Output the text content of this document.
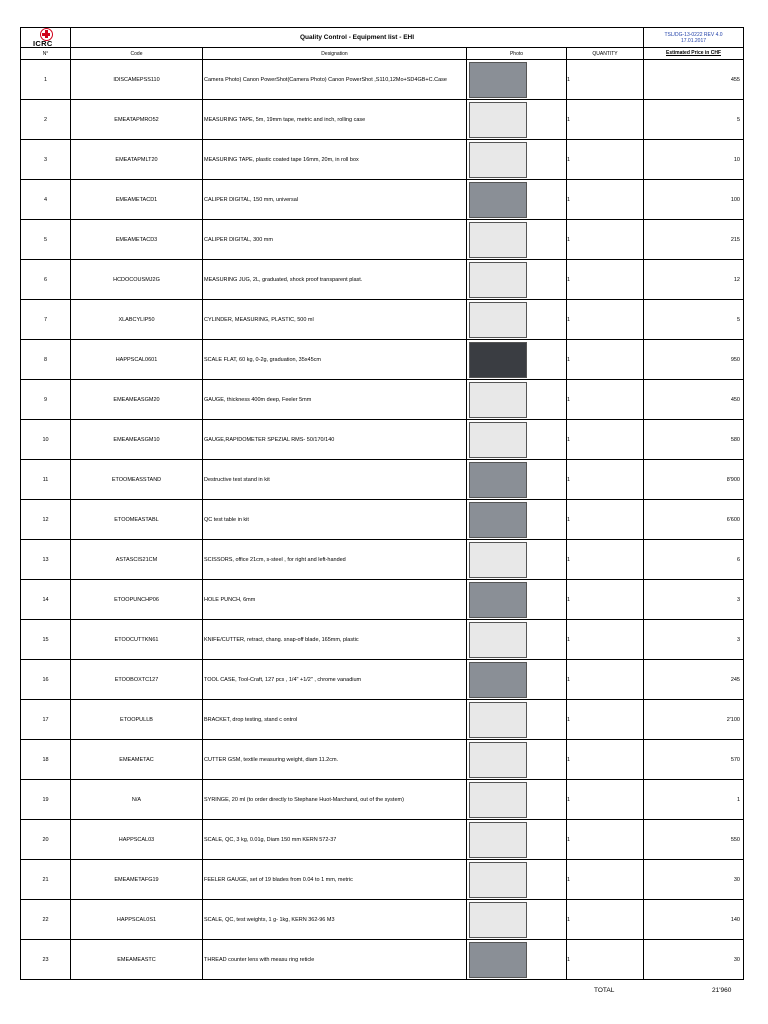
ICRC	Quality Control - Equipment list - EHI				TSL/DG-13-0222 REV 4.0
17.01.2017

N°	Code	Designation	Photo	QUANTITY	Estimated Price in CHF
1	IDISCAMEPSS110	Camera Photo) Canon PowerShot(Camera Photo) Canon PowerShot ,S110,12Mo+SD4GB+C.Case		1	455
2	EMEATAPMRO52	MEASURING TAPE, 5m, 19mm tape, metric and inch, rolling case		1	5
3	EMEATAPMLT20	MEASURING TAPE, plastic coated tape 16mm, 20m, in roll box		1	10
4	EMEAMETACD1	CALIPER DIGITAL, 150 mm, universal		1	100
5	EMEAMETACD3	CALIPER DIGITAL, 300 mm		1	215
6	HCDOCOUSMJ2G	MEASURING JUG, 2L, graduated, shock proof transparent plast.		1	12
7	XLABCYLIP50	CYLINDER, MEASURING, PLASTIC, 500 ml		1	5
8	HAPPSCAL0601	SCALE FLAT, 60 kg, 0-2g, graduation, 35x45cm		1	950
9	EMEAMEASGM20	GAUGE, thickness 400m deep, Feeler 5mm		1	450
10	EMEAMEASGM10	GAUGE,RAPIDOMETER SPEZIAL RMS- 50/170/140		1	580
11	ETOOMEASSTAND	Destructive test stand in kit		1	8'900
12	ETOOMEASTABL	QC test table in kit		1	6'600
13	ASTASCIS21CM	SCISSORS, office 21cm, s-steel , for right and left-handed		1	6
14	ETOOPUNCHP06	HOLE PUNCH, 6mm		1	3
15	ETOOCUTTKN61	KNIFE/CUTTER, retract, chang. snap-off blade, 165mm, plastic		1	3
16	ETOOBOXTC127	TOOL CASE, Tool-Craft, 127 pcs , 1/4" +1/2" , chrome vanadium		1	245
17	ETOOPULLB	BRACKET, drop testing, stand c ontrol		1	2'100
18	EMEAMETAC	CUTTER GSM, textile measuring weight, diam 11.2cm.		1	570
19	N/A	SYRINGE, 20 ml (to order directly to Stephane Huot-Marchand, out of the system)		1	1
20	HAPPSCAL03	SCALE, QC, 3 kg, 0.01g, Diam 150 mm KERN 572-37		1	550
21	EMEAMETAFG19	FEELER GAUGE, set of 19 blades from 0.04 to 1 mm, metric		1	30
22	HAPPSCAL0S1	SCALE, QC, test weights, 1 g- 1kg, KERN 362-96 M3		1	140
23	EMEAMEASTC	THREAD counter lens with measu ring reticle		1	30
TOTAL	21'960
